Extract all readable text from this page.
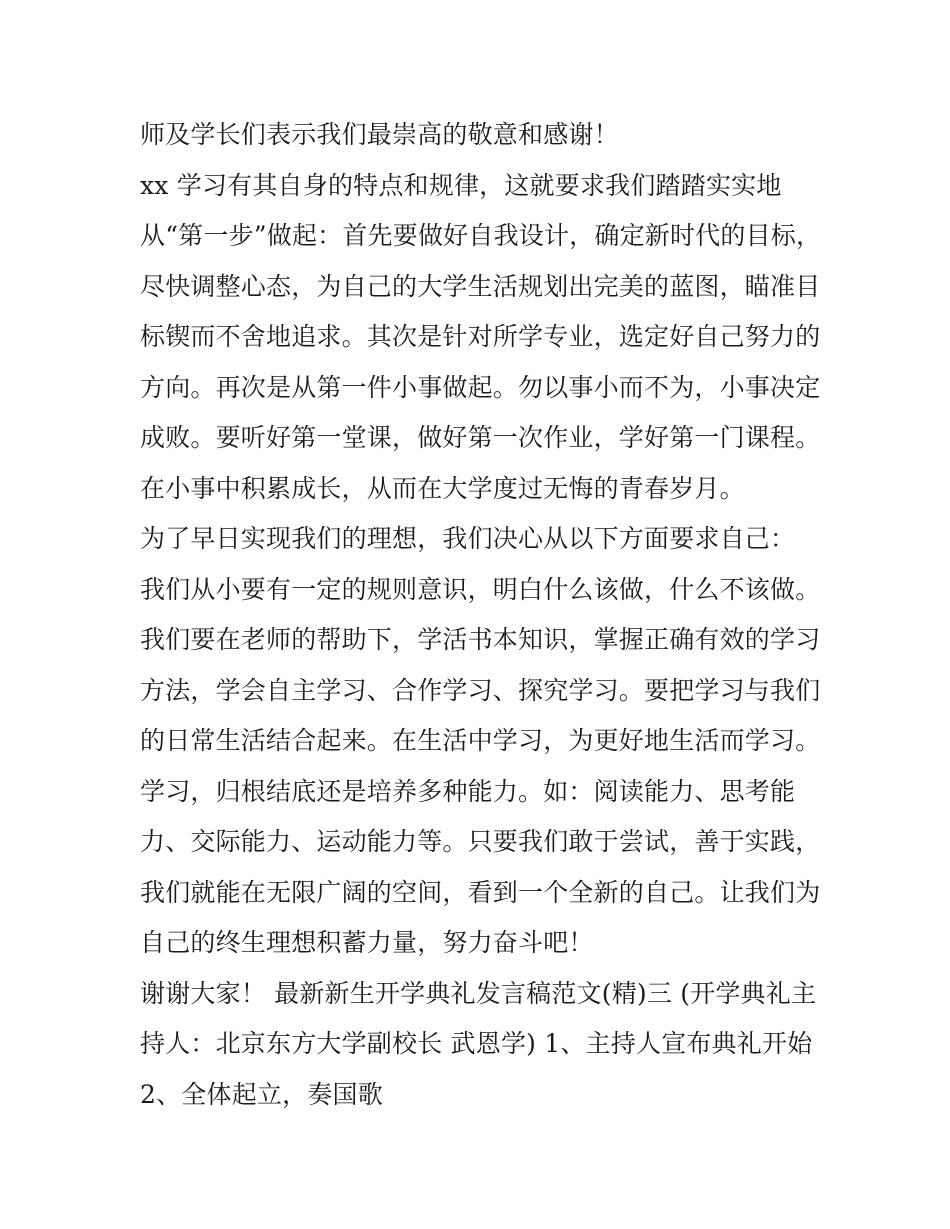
师及学长们表示我们最崇高的敬意和感谢！
xx 学习有其自身的特点和规律，这就要求我们踏踏实实地
从“第一步”做起：首先要做好自我设计，确定新时代的目标，
尽快调整心态，为自己的大学生活规划出完美的蓝图，瞄准目
标锲而不舍地追求。其次是针对所学专业，选定好自己努力的
方向。再次是从第一件小事做起。勿以事小而不为，小事决定
成败。要听好第一堂课，做好第一次作业，学好第一门课程。
在小事中积累成长，从而在大学度过无悔的青春岁月。
为了早日实现我们的理想，我们决心从以下方面要求自己：
我们从小要有一定的规则意识，明白什么该做，什么不该做。
我们要在老师的帮助下，学活书本知识，掌握正确有效的学习
方法，学会自主学习、合作学习、探究学习。要把学习与我们
的日常生活结合起来。在生活中学习，为更好地生活而学习。
学习，归根结底还是培养多种能力。如：阅读能力、思考能
力、交际能力、运动能力等。只要我们敢于尝试，善于实践，
我们就能在无限广阔的空间，看到一个全新的自己。让我们为
自己的终生理想积蓄力量，努力奋斗吧！
谢谢大家！ 最新新生开学典礼发言稿范文(精)三 (开学典礼主
持人：北京东方大学副校长 武恩学) 1、主持人宣布典礼开始
2、全体起立，奏国歌
